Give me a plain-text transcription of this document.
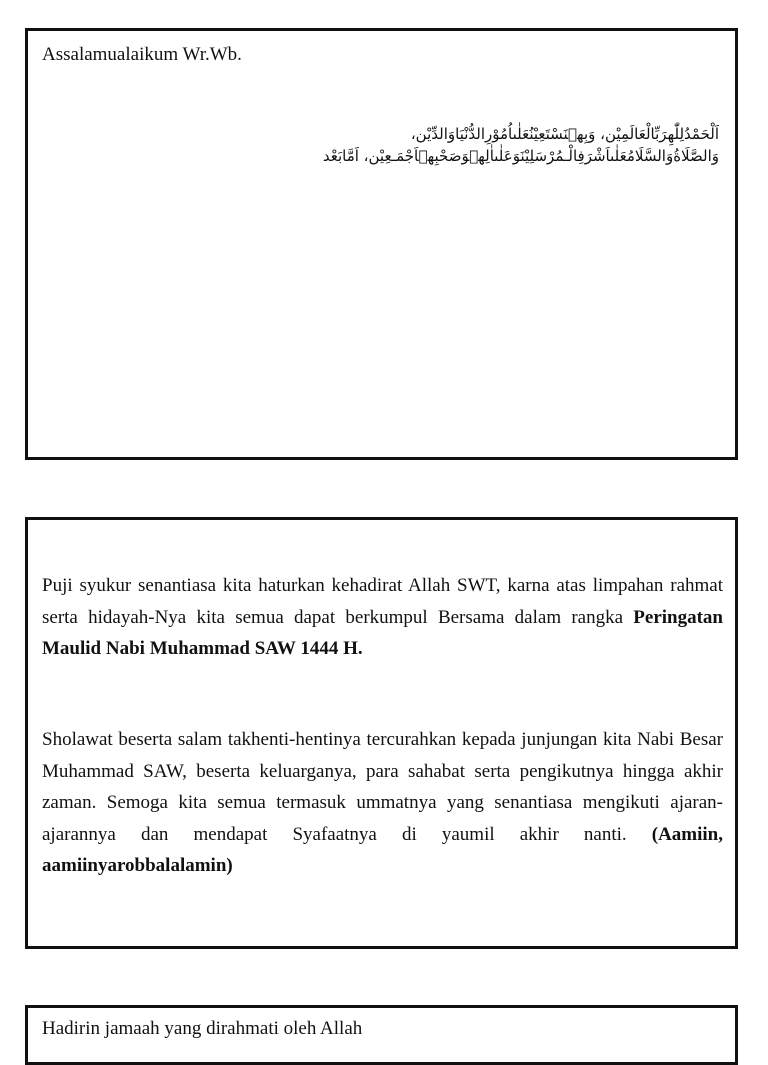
Assalamualaikum Wr.Wb.

اَلْحَمْدُلِلّٰهِرَبِّالْعَالَمِيْن، وَبِهٖنَسْتَعِيْنُعَلٰىاُمُوْرِالدُّنْيَاوَالدِّيْن،
وَالصَّلَاةُوَالسَّلَامُعَلٰىاَشْرَفِالْـمُرْسَلِيْنَوَعَلٰىاٰلِهٖوَصَحْبِهٖاَجْمَـعِيْن، اَمَّابَعْد

Puji syukur senantiasa kita haturkan kehadirat Allah SWT, karna atas limpahan rahmat serta hidayah-Nya kita semua dapat berkumpul Bersama dalam rangka Peringatan Maulid Nabi Muhammad SAW 1444 H.

Sholawat beserta salam takhenti-hentinya tercurahkan kepada junjungan kita Nabi Besar Muhammad SAW, beserta keluarganya, para sahabat serta pengikutnya hingga akhir zaman. Semoga kita semua termasuk ummatnya yang senantiasa mengikuti ajaran-ajarannya dan mendapat Syafaatnya di yaumil akhir nanti. (Aamiin, aamiinyarobbalalamin)

Hadirin jamaah yang dirahmati oleh Allah
